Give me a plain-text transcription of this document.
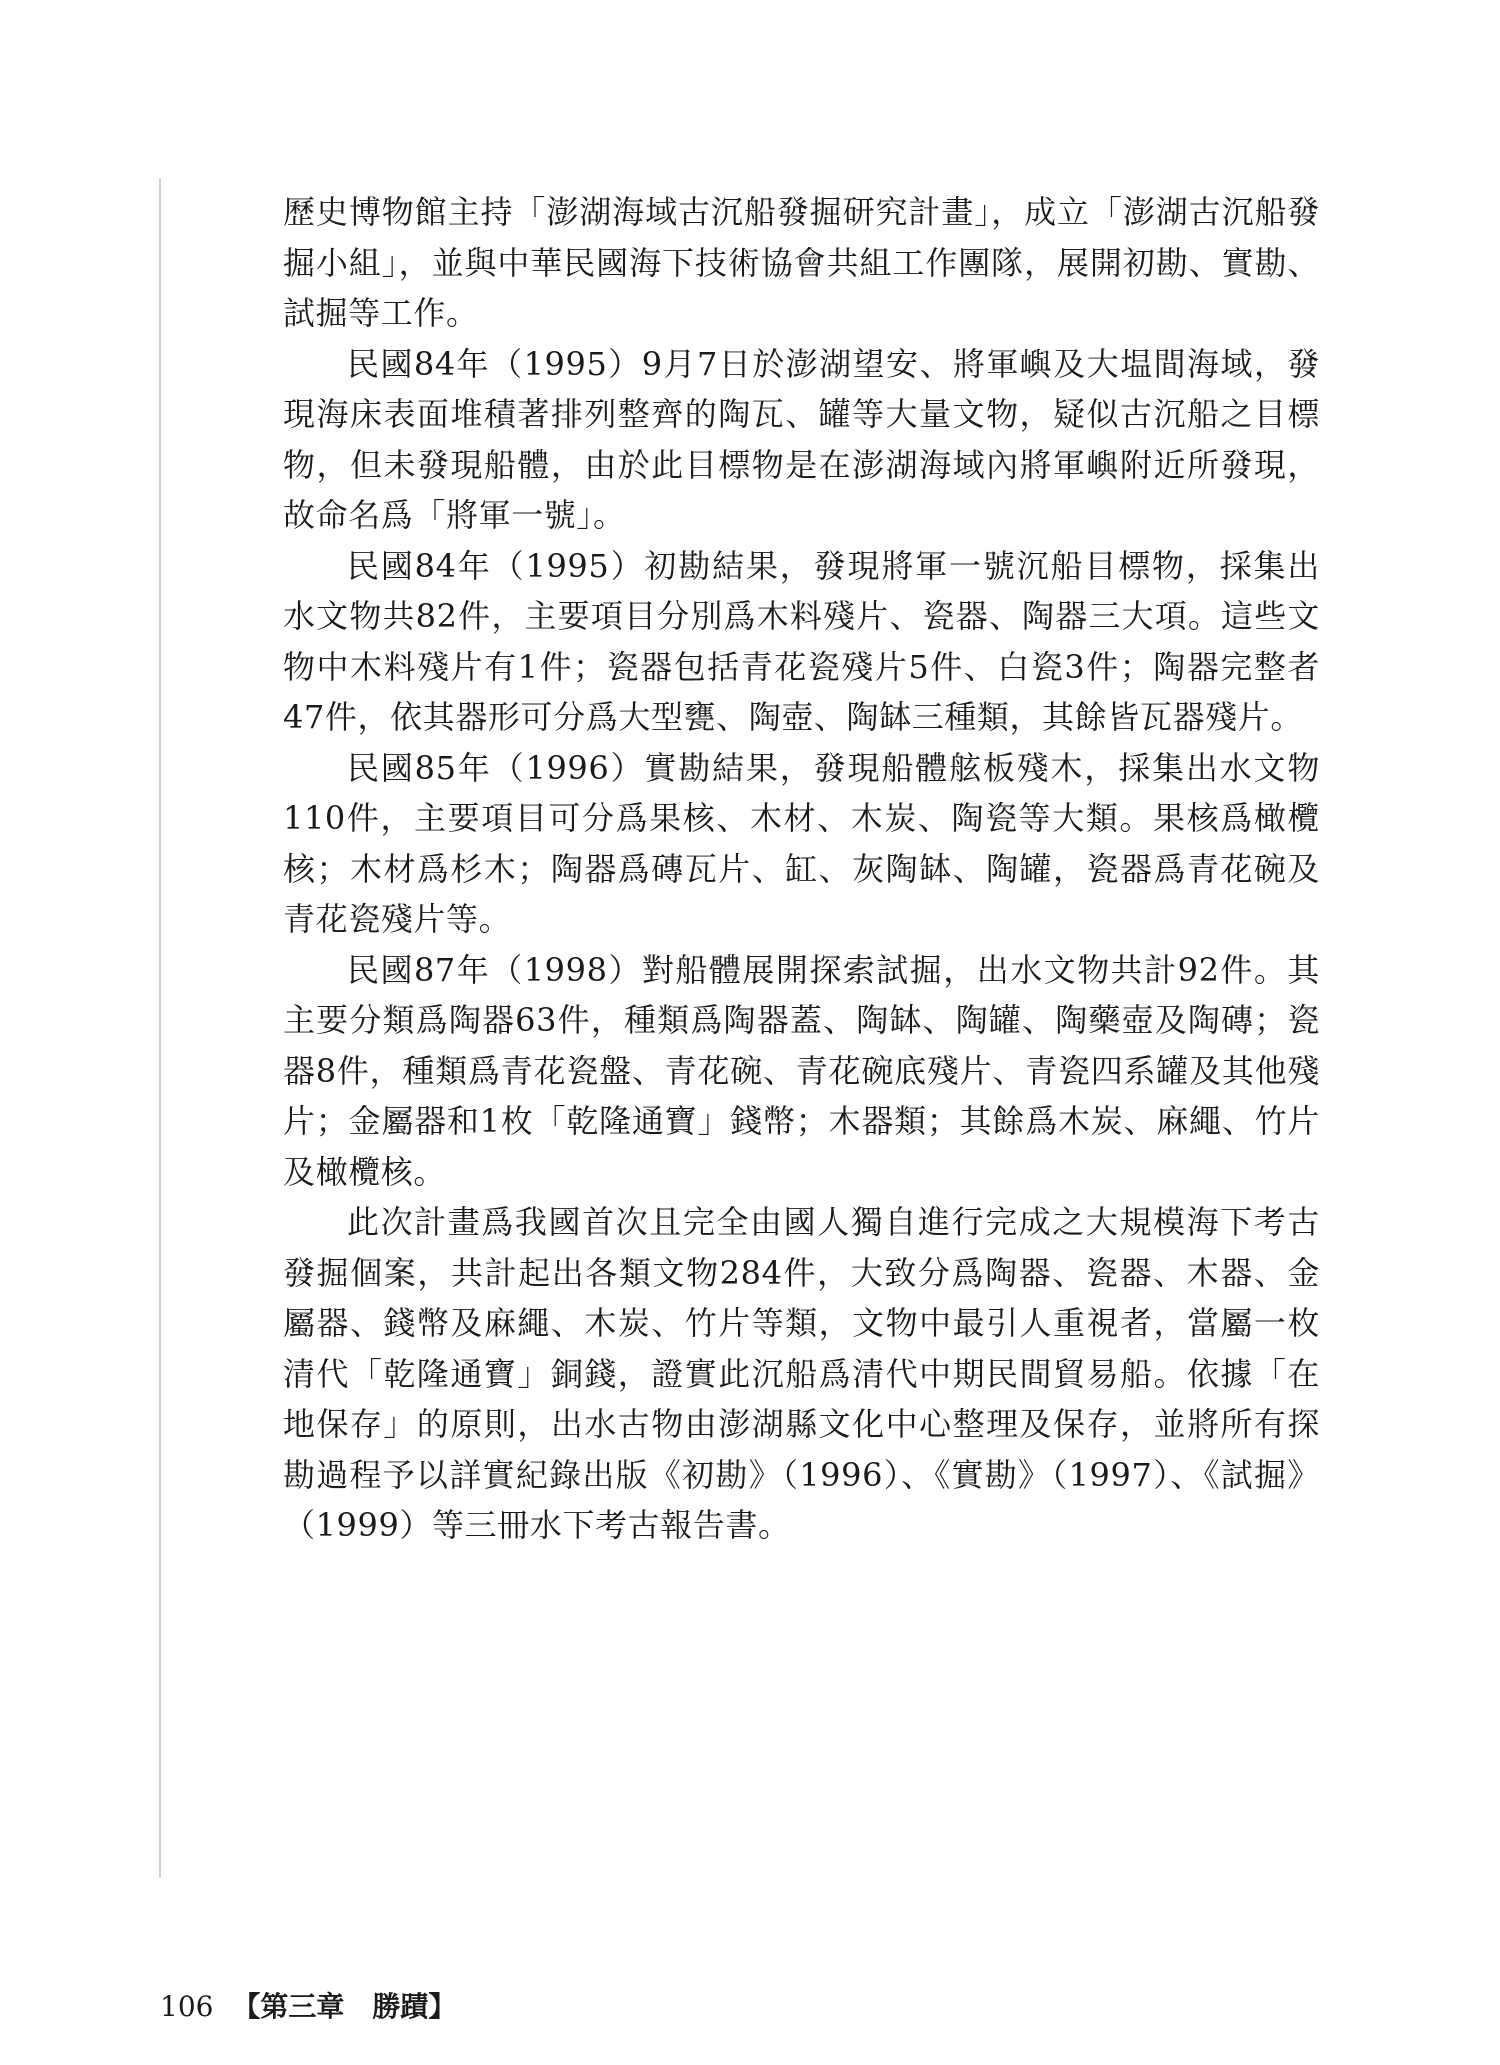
歷史博物館主持「澎湖海域古沉船發掘研究計畫」，成立「澎湖古沉船發掘小組」，並與中華民國海下技術協會共組工作團隊，展開初勘、實勘、試掘等工作。

民國84年（1995）9月7日於澎湖望安、將軍嶼及大塭間海域，發現海床表面堆積著排列整齊的陶瓦、罐等大量文物，疑似古沉船之目標物，但未發現船體，由於此目標物是在澎湖海域內將軍嶼附近所發現，故命名爲「將軍一號」。

民國84年（1995）初勘結果，發現將軍一號沉船目標物，採集出水文物共82件，主要項目分別爲木料殘片、瓷器、陶器三大項。這些文物中木料殘片有1件；瓷器包括青花瓷殘片5件、白瓷3件；陶器完整者47件，依其器形可分爲大型甕、陶壺、陶缽三種類，其餘皆瓦器殘片。

民國85年（1996）實勘結果，發現船體舷板殘木，採集出水文物110件，主要項目可分爲果核、木材、木炭、陶瓷等大類。果核爲橄欖核；木材爲杉木；陶器爲磚瓦片、缸、灰陶缽、陶罐，瓷器爲青花碗及青花瓷殘片等。

民國87年（1998）對船體展開探索試掘，出水文物共計92件。其主要分類爲陶器63件，種類爲陶器蓋、陶缽、陶罐、陶藥壺及陶磚；瓷器8件，種類爲青花瓷盤、青花碗、青花碗底殘片、青瓷四系罐及其他殘片；金屬器和1枚「乾隆通寶」錢幣；木器類；其餘爲木炭、麻繩、竹片及橄欖核。

此次計畫爲我國首次且完全由國人獨自進行完成之大規模海下考古發掘個案，共計起出各類文物284件，大致分爲陶器、瓷器、木器、金屬器、錢幣及麻繩、木炭、竹片等類，文物中最引人重視者，當屬一枚清代「乾隆通寶」銅錢，證實此沉船爲清代中期民間貿易船。依據「在地保存」的原則，出水古物由澎湖縣文化中心整理及保存，並將所有探勘過程予以詳實紀錄出版《初勘》（1996）、《實勘》（1997）、《試掘》（1999）等三冊水下考古報告書。

106 【第三章　勝蹟】
